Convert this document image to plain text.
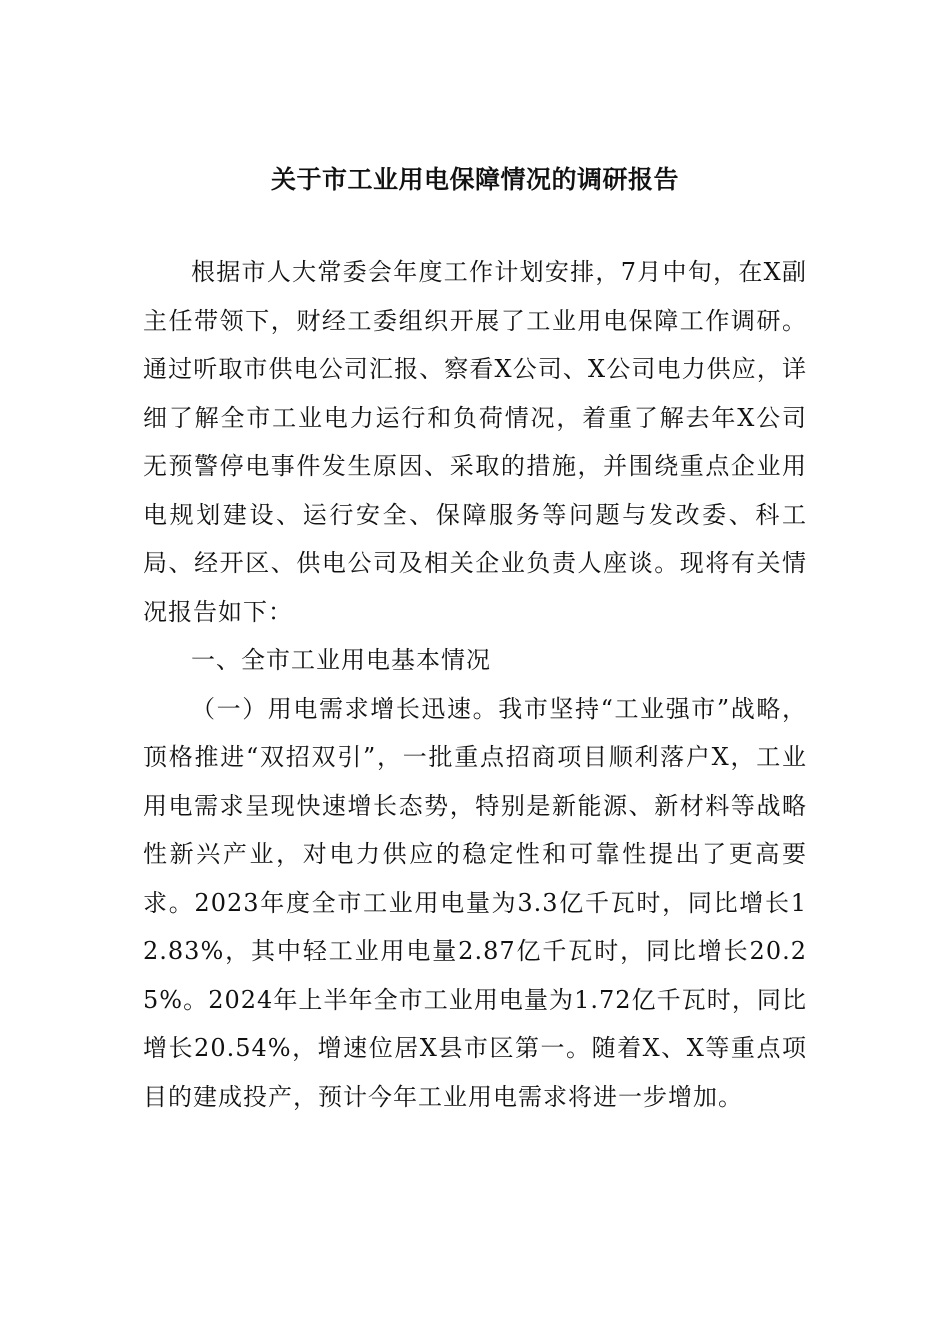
关于市工业用电保障情况的调研报告

根据市人大常委会年度工作计划安排，7月中旬，在X副主任带领下，财经工委组织开展了工业用电保障工作调研。通过听取市供电公司汇报、察看X公司、X公司电力供应，详细了解全市工业电力运行和负荷情况，着重了解去年X公司无预警停电事件发生原因、采取的措施，并围绕重点企业用电规划建设、运行安全、保障服务等问题与发改委、科工局、经开区、供电公司及相关企业负责人座谈。现将有关情况报告如下：

一、全市工业用电基本情况

（一）用电需求增长迅速。我市坚持“工业强市”战略，顶格推进“双招双引”，一批重点招商项目顺利落户X，工业用电需求呈现快速增长态势，特别是新能源、新材料等战略性新兴产业，对电力供应的稳定性和可靠性提出了更高要求。2023年度全市工业用电量为3.3亿千瓦时，同比增长12.83%，其中轻工业用电量2.87亿千瓦时，同比增长20.25%。2024年上半年全市工业用电量为1.72亿千瓦时，同比增长20.54%，增速位居X县市区第一。随着X、X等重点项目的建成投产，预计今年工业用电需求将进一步增加。
